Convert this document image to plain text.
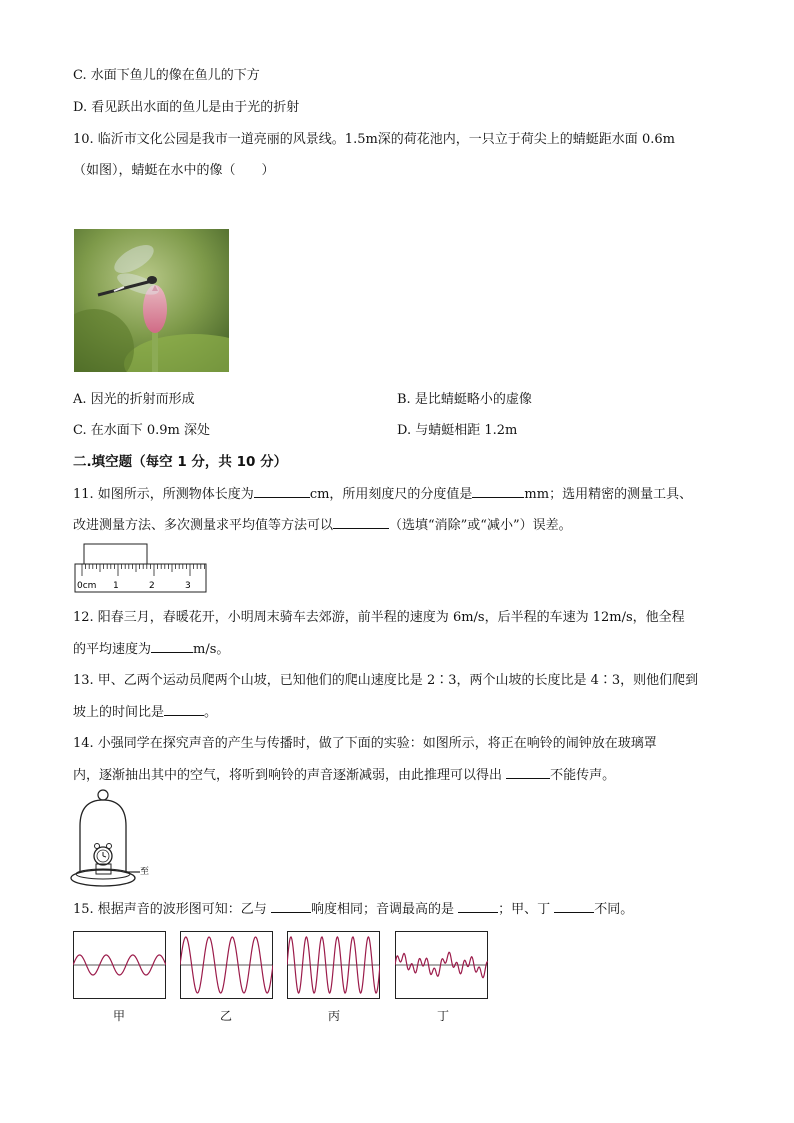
C. 水面下鱼儿的像在鱼儿的下方
D. 看见跃出水面的鱼儿是由于光的折射
10. 临沂市文化公园是我市一道亮丽的风景线。1.5m深的荷花池内，一只立于荷尖上的蜻蜓距水面 0.6m
（如图），蜻蜓在水中的像（　　）
A. 因光的折射而形成	B. 是比蜻蜓略小的虚像
C. 在水面下 0.9m 深处	D. 与蜻蜓相距 1.2m
二.填空题（每空 1 分，共 10 分）
11. 如图所示，所测物体长度为	cm，所用刻度尺的分度值是	mm；选用精密的测量工具、
改进测量方法、多次测量求平均值等方法可以	（选填“消除”或“减小”）误差。
0cm 1	2	3
12. 阳春三月，春暖花开，小明周末骑车去郊游，前半程的速度为 6m/s，后半程的车速为 12m/s，他全程
的平均速度为	m/s。
13. 甲、乙两个运动员爬两个山坡，已知他们的爬山速度比是 2∶3，两个山坡的长度比是 4∶3，则他们爬到
坡上的时间比是	。
14. 小强同学在探究声音的产生与传播时，做了下面的实验：如图所示，将正在响铃的闹钟放在玻璃罩
内，逐渐抽出其中的空气，将听到响铃的声音逐渐减弱，由此推理可以得出	不能传声。
至
15. 根据声音的波形图可知：乙与	响度相同；音调最高的是	；甲、丁	不同。
甲	乙	丙	丁
